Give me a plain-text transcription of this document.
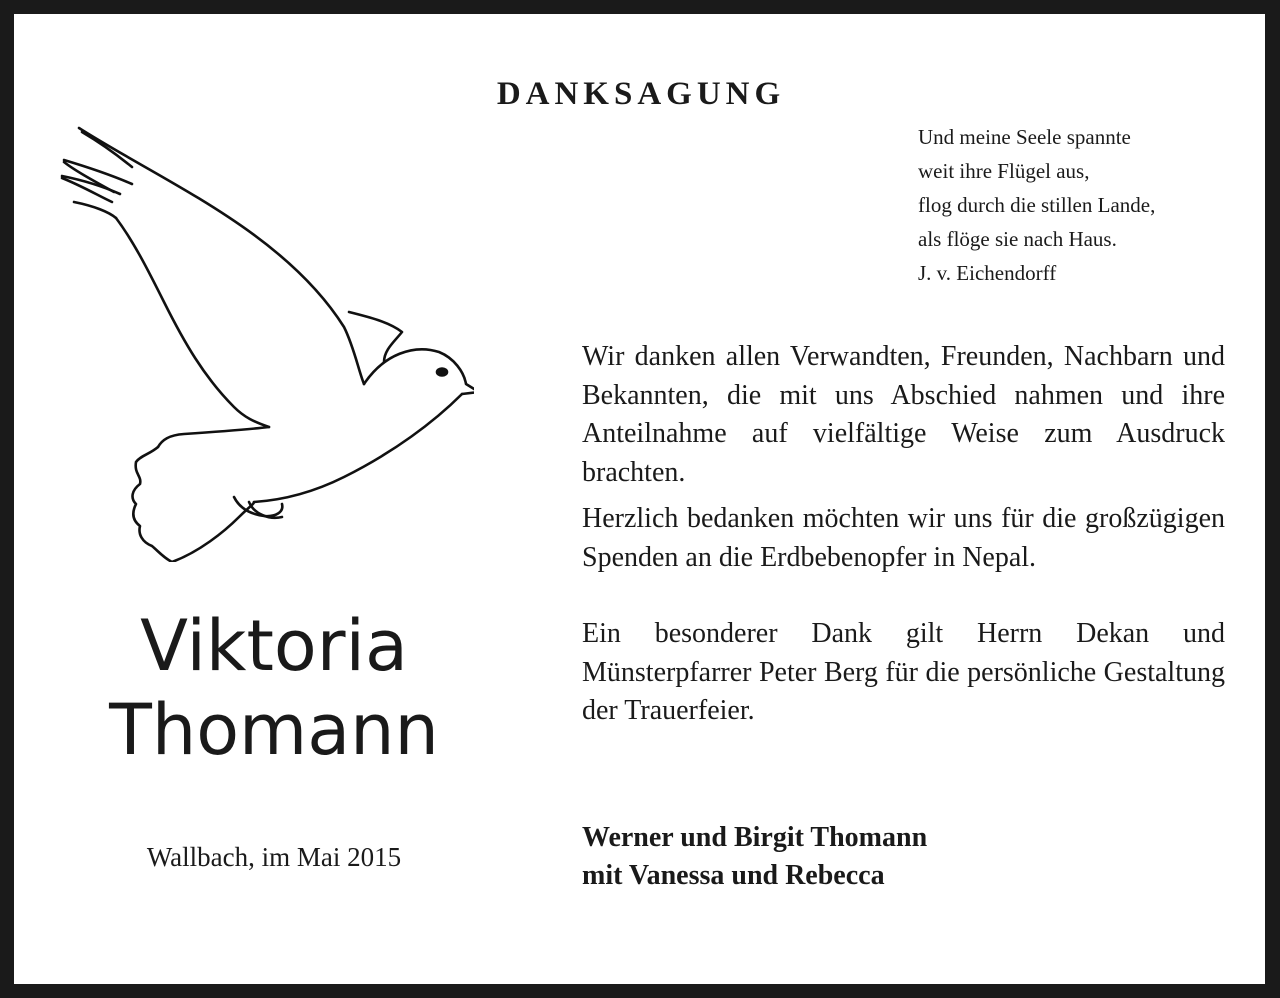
DANKSAGUNG
Und meine Seele spannte
weit ihre Flügel aus,
flog durch die stillen Lande,
als flöge sie nach Haus.
J. v. Eichendorff
Viktoria
Thomann
Wallbach, im Mai 2015

Wir danken allen Verwandten, Freunden, Nachbarn und Bekannten, die mit uns Abschied nahmen und ihre Anteilnahme auf vielfältige Weise zum Ausdruck brachten.

Herzlich bedanken möchten wir uns für die großzügigen Spenden an die Erdbebenopfer in Nepal.

Ein besonderer Dank gilt Herrn Dekan und Münsterpfarrer Peter Berg für die persönliche Gestaltung der Trauerfeier.

Werner und Birgit Thomann
mit Vanessa und Rebecca
